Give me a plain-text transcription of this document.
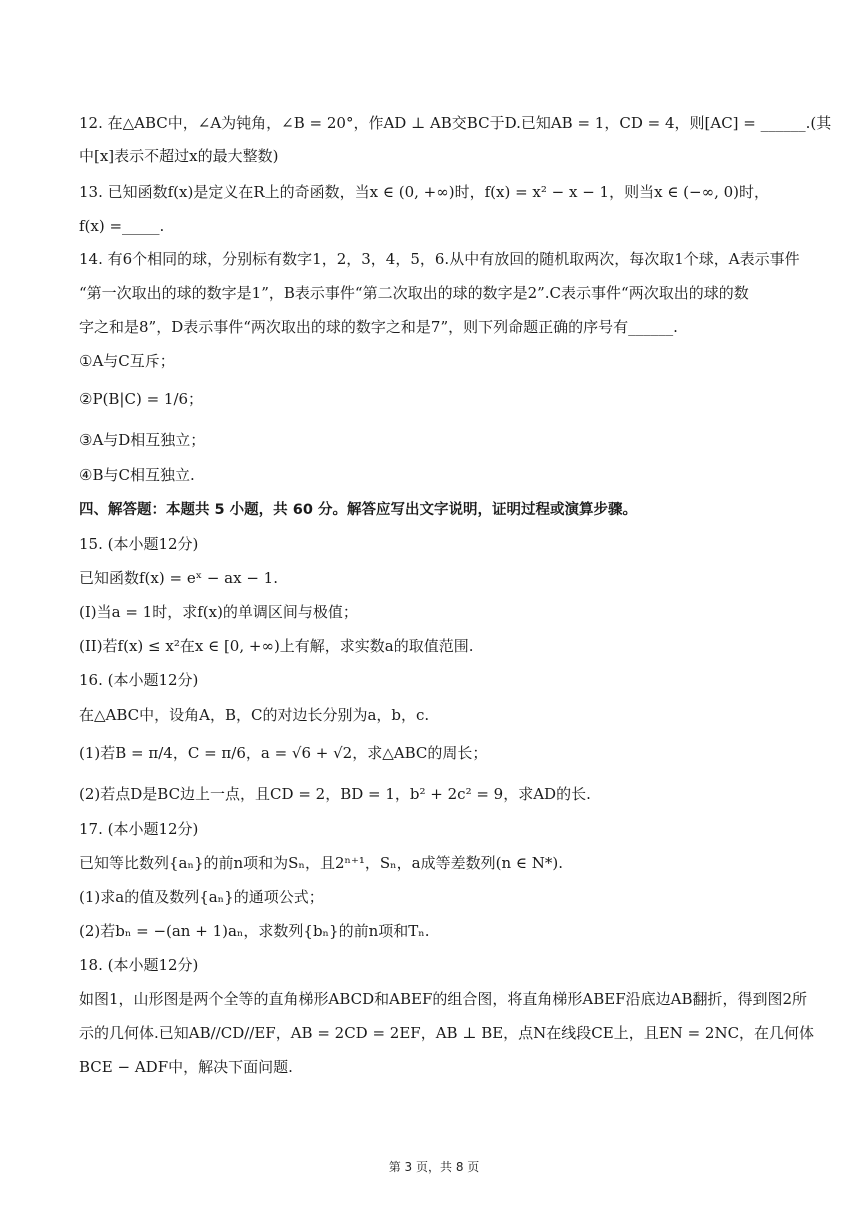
12. 在△ABC中，∠A为钝角，∠B = 20°，作AD ⊥ AB交BC于D.已知AB = 1，CD = 4，则[AC] = ______.(其
中[x]表示不超过x的最大整数)
13. 已知函数f(x)是定义在R上的奇函数，当x ∈ (0, +∞)时，f(x) = x² − x − 1，则当x ∈ (−∞, 0)时，
f(x) =_____.
14. 有6个相同的球，分别标有数字1，2，3，4，5，6.从中有放回的随机取两次，每次取1个球，A表示事件
“第一次取出的球的数字是1”，B表示事件“第二次取出的球的数字是2”.C表示事件“两次取出的球的数
字之和是8”，D表示事件“两次取出的球的数字之和是7”，则下列命题正确的序号有______.
①A与C互斥；
②P(B|C) = 1/6；
③A与D相互独立；
④B与C相互独立.
四、解答题：本题共 5 小题，共 60 分。解答应写出文字说明，证明过程或演算步骤。
15. (本小题12分)
已知函数f(x) = eˣ − ax − 1.
(I)当a = 1时，求f(x)的单调区间与极值；
(II)若f(x) ≤ x²在x ∈ [0, +∞)上有解，求实数a的取值范围.
16. (本小题12分)
在△ABC中，设角A，B，C的对边长分别为a，b，c.
(1)若B = π/4，C = π/6，a = √6 + √2，求△ABC的周长；
(2)若点D是BC边上一点，且CD = 2，BD = 1，b² + 2c² = 9，求AD的长.
17. (本小题12分)
已知等比数列{aₙ}的前n项和为Sₙ，且2ⁿ⁺¹，Sₙ，a成等差数列(n ∈ N*).
(1)求a的值及数列{aₙ}的通项公式；
(2)若bₙ = −(an + 1)aₙ，求数列{bₙ}的前n项和Tₙ.
18. (本小题12分)
如图1，山形图是两个全等的直角梯形ABCD和ABEF的组合图，将直角梯形ABEF沿底边AB翻折，得到图2所
示的几何体.已知AB//CD//EF，AB = 2CD = 2EF，AB ⊥ BE，点N在线段CE上，且EN = 2NC，在几何体
BCE − ADF中，解决下面问题.
第 3 页，共 8 页
